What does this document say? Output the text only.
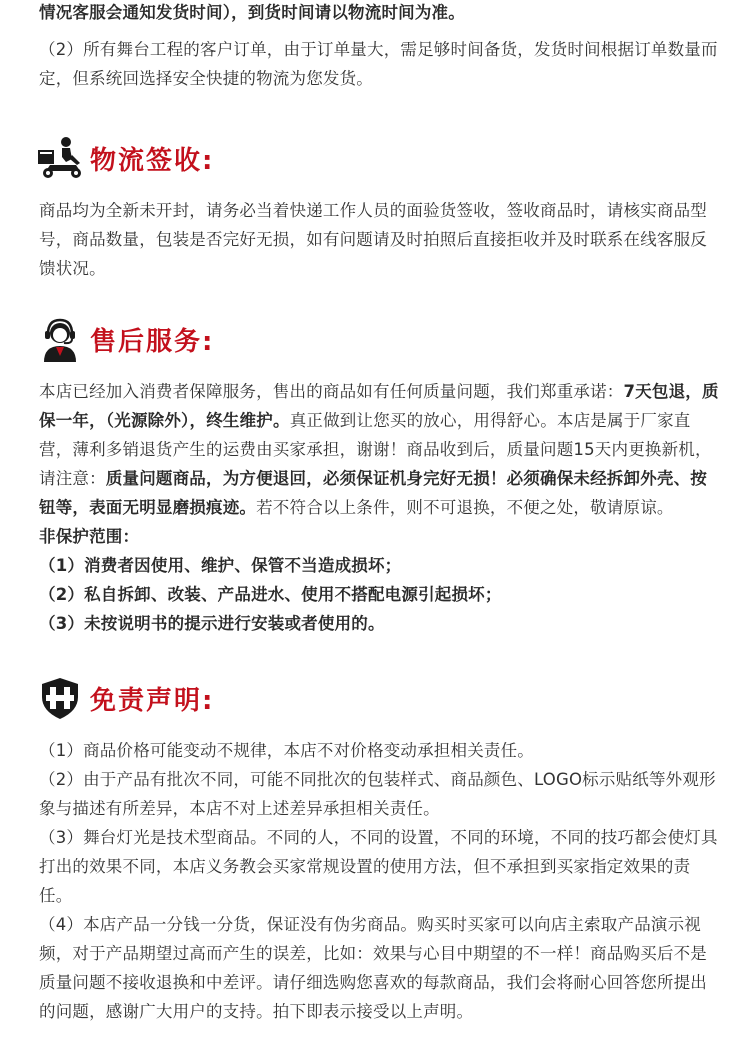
情况客服会通知发货时间），到货时间请以物流时间为准。

（2）所有舞台工程的客户订单，由于订单量大，需足够时间备货，发货时间根据订单数量而定，但系统回选择安全快捷的物流为您发货。

物流签收:

商品均为全新未开封，请务必当着快递工作人员的面验货签收，签收商品时，请核实商品型号，商品数量，包装是否完好无损，如有问题请及时拍照后直接拒收并及时联系在线客服反馈状况。

售后服务:

本店已经加入消费者保障服务，售出的商品如有任何质量问题，我们郑重承诺：7天包退，质保一年，（光源除外），终生维护。真正做到让您买的放心，用得舒心。本店是属于厂家直营，薄利多销退货产生的运费由买家承担，谢谢！商品收到后，质量问题15天内更换新机，请注意：质量问题商品，为方便退回，必须保证机身完好无损！必须确保未经拆卸外壳、按钮等，表面无明显磨损痕迹。若不符合以上条件，则不可退换，不便之处，敬请原谅。

非保护范围：

（1）消费者因使用、维护、保管不当造成损坏；

（2）私自拆卸、改装、产品进水、使用不搭配电源引起损坏；

（3）未按说明书的提示进行安装或者使用的。

免责声明:

（1）商品价格可能变动不规律，本店不对价格变动承担相关责任。

（2）由于产品有批次不同，可能不同批次的包装样式、商品颜色、LOGO标示贴纸等外观形象与描述有所差异，本店不对上述差异承担相关责任。

（3）舞台灯光是技术型商品。不同的人，不同的设置，不同的环境，不同的技巧都会使灯具打出的效果不同，本店义务教会买家常规设置的使用方法，但不承担到买家指定效果的责任。

（4）本店产品一分钱一分货，保证没有伪劣商品。购买时买家可以向店主索取产品演示视频，对于产品期望过高而产生的误差，比如：效果与心目中期望的不一样！商品购买后不是质量问题不接收退换和中差评。请仔细选购您喜欢的每款商品，我们会将耐心回答您所提出的问题，感谢广大用户的支持。拍下即表示接受以上声明。
